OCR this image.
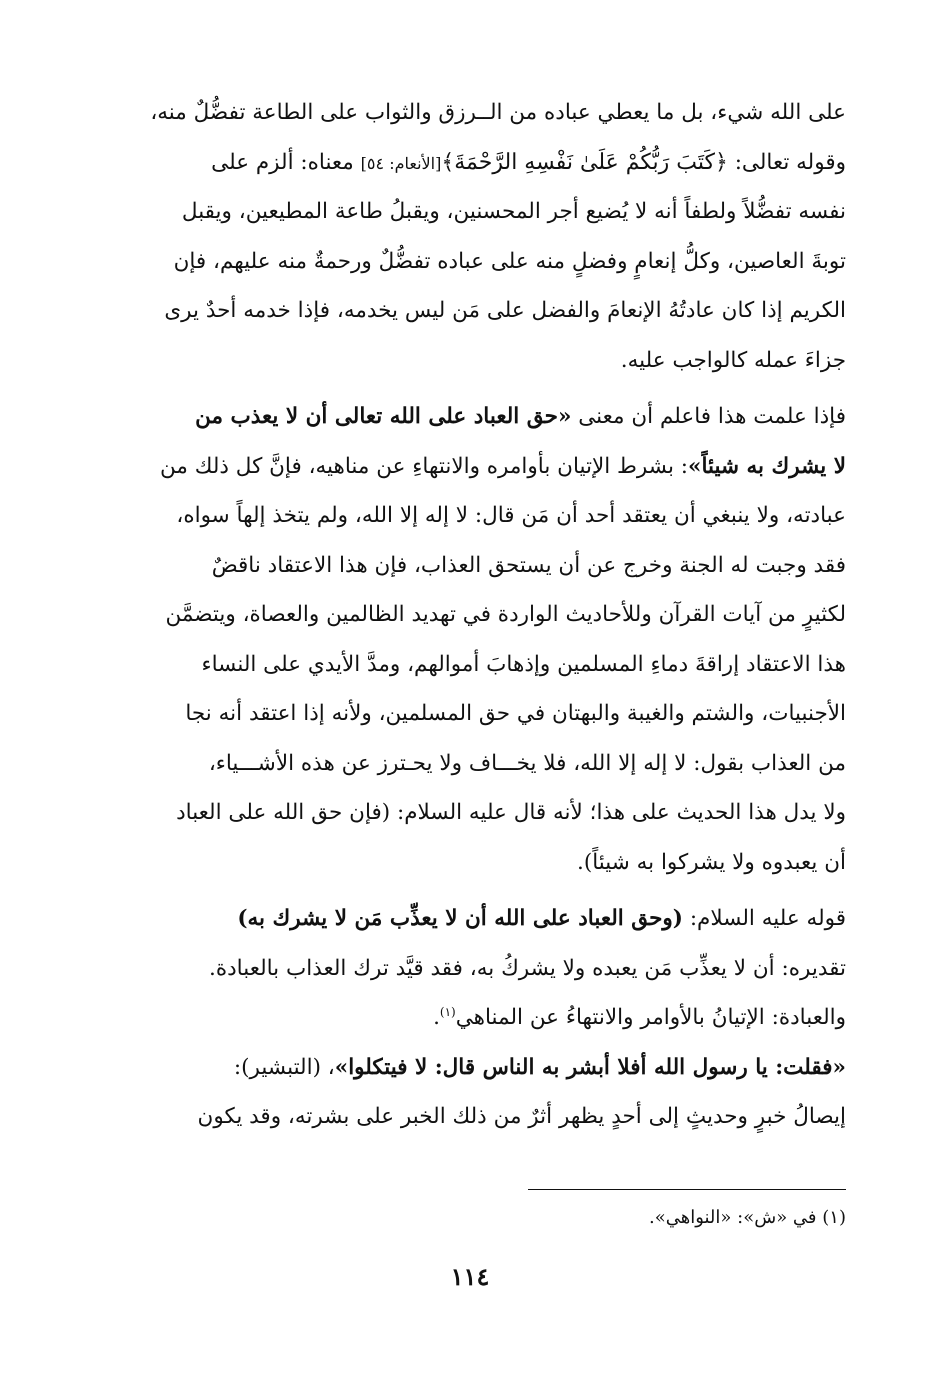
على الله شيء، بل ما يعطي عباده من الــرزق والثواب على الطاعة تفضُّلٌ منه،
وقوله تعالى: ﴿كَتَبَ رَبُّكُمْ عَلَىٰ نَفْسِهِ الرَّحْمَةَ﴾[الأنعام: ٥٤] معناه: ألزم على
نفسه تفضُّلاً ولطفاً أنه لا يُضيع أجر المحسنين، ويقبلُ طاعة المطيعين، ويقبل
توبةَ العاصين، وكلُّ إنعامٍ وفضلٍ منه على عباده تفضُّلٌ ورحمةٌ منه عليهم، فإن
الكريم إذا كان عادتُهُ الإنعامَ والفضل على مَن ليس يخدمه، فإذا خدمه أحدٌ يرى
جزاءَ عمله كالواجب عليه.
فإذا علمت هذا فاعلم أن معنى «حق العباد على الله تعالى أن لا يعذب من
لا يشرك به شيئاً»: بشرط الإتيان بأوامره والانتهاءِ عن مناهيه، فإنَّ كل ذلك من
عبادته، ولا ينبغي أن يعتقد أحد أن مَن قال: لا إله إلا الله، ولم يتخذ إلهاً سواه،
فقد وجبت له الجنة وخرج عن أن يستحق العذاب، فإن هذا الاعتقاد ناقضٌ
لكثيرٍ من آيات القرآن وللأحاديث الواردة في تهديد الظالمين والعصاة، ويتضمَّن
هذا الاعتقاد إراقةَ دماءِ المسلمين وإذهابَ أموالهم، ومدَّ الأيدي على النساء
الأجنبيات، والشتم والغيبة والبهتان في حق المسلمين، ولأنه إذا اعتقد أنه نجا
من العذاب بقول: لا إله إلا الله، فلا يخـــاف ولا يحـترز عن هذه الأشـــياء،
ولا يدل هذا الحديث على هذا؛ لأنه قال عليه السلام: (فإن حق الله على العباد
أن يعبدوه ولا يشركوا به شيئاً).
قوله عليه السلام: (وحق العباد على الله أن لا يعذِّب مَن لا يشرك به)
تقديره: أن لا يعذِّب مَن يعبده ولا يشركُ به، فقد قيَّد ترك العذاب بالعبادة.
والعبادة: الإتيانُ بالأوامر والانتهاءُ عن المناهي$^{(١)}$.
«فقلت: يا رسول الله أفلا أبشر به الناس قال: لا فيتكلوا»، (التبشير):
إيصالُ خبرٍ وحديثٍ إلى أحدٍ يظهر أثرٌ من ذلك الخبر على بشرته، وقد يكون
(١) في «ش»: «النواهي».
١١٤
